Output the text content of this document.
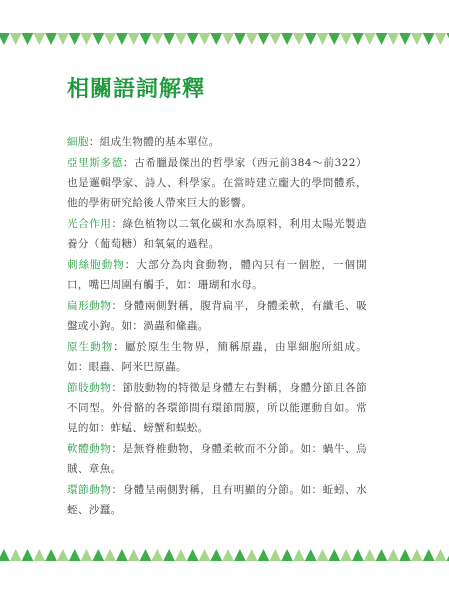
相關語詞解釋
細胞：組成生物體的基本單位。
亞里斯多德：古希臘最傑出的哲學家（西元前384～前322）也是邏輯學家、詩人、科學家。在當時建立龐大的學問體系，他的學術研究給後人帶來巨大的影響。
光合作用：綠色植物以二氧化碳和水為原料，利用太陽光製造養分（葡萄糖）和氧氣的過程。
刺絲胞動物：大部分為肉食動物，體內只有一個腔，一個開口，嘴巴周圍有觸手，如：珊瑚和水母。
扁形動物：身體兩側對稱，腹背扁平，身體柔軟，有纖毛、吸盤或小鉤。如：渦蟲和絛蟲。
原生動物：屬於原生生物界，簡稱原蟲，由單細胞所組成。如：眼蟲、阿米巴原蟲。
節肢動物：節肢動物的特徵是身體左右對稱，身體分節且各節不同型。外骨骼的各環節間有環節間膜，所以能運動自如。常見的如：蚱蜢、螃蟹和蜈蚣。
軟體動物：是無脊椎動物，身體柔軟而不分節。如：蝸牛、烏賊、章魚。
環節動物：身體呈兩側對稱，且有明顯的分節。如：蚯蚓、水蛭、沙蠶。
